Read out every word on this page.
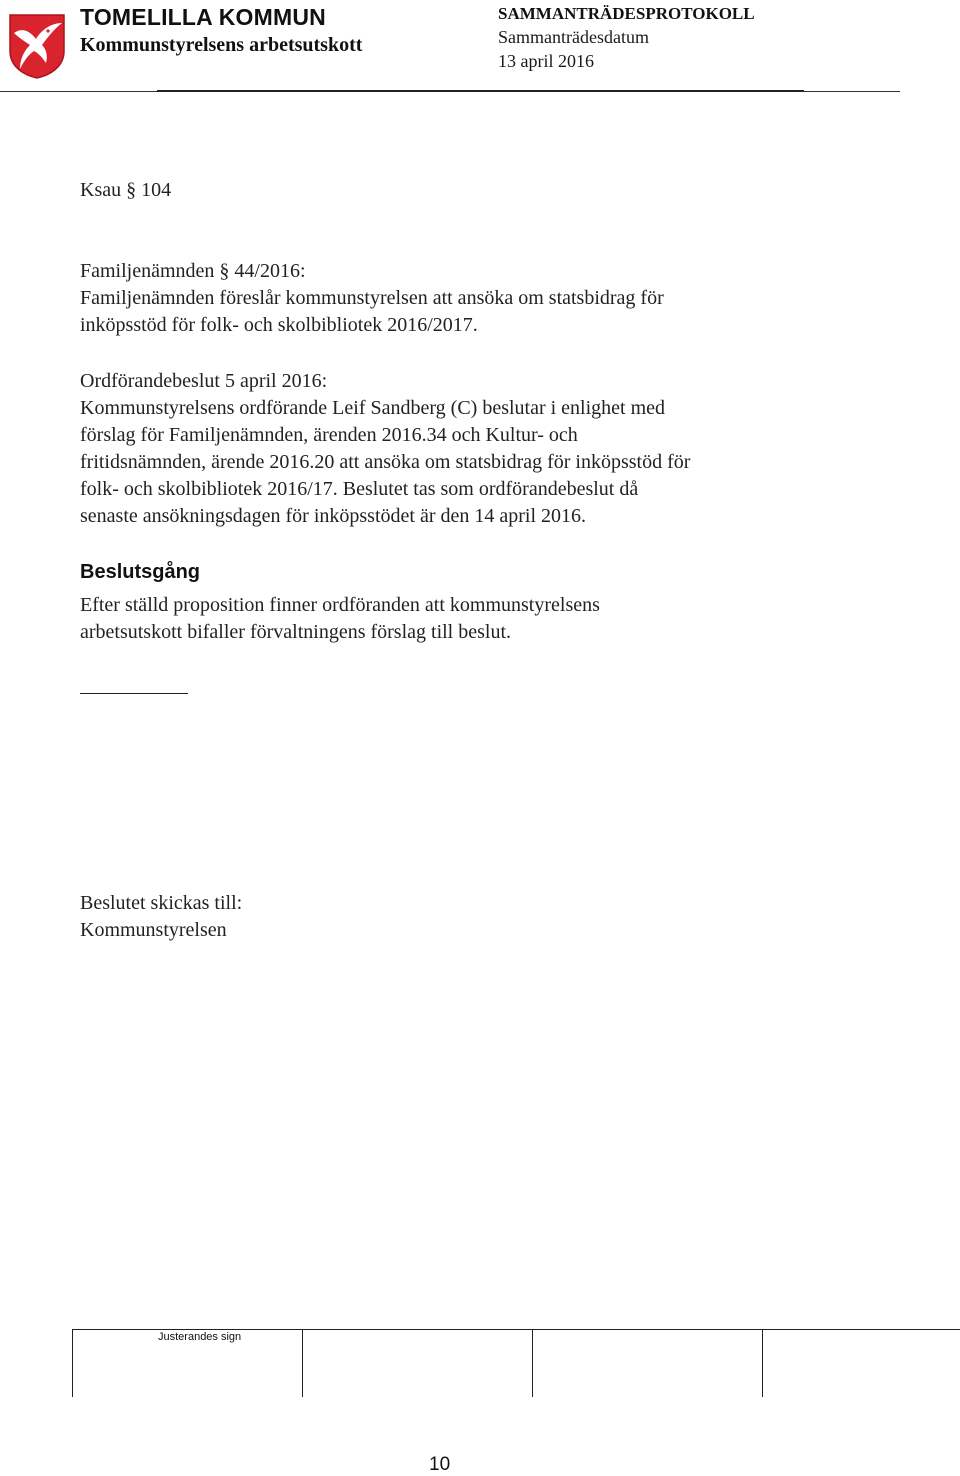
TOMELILLA KOMMUN
Kommunstyrelsens arbetsutskott
SAMMANTRÄDESPROTOKOLL
Sammanträdesdatum
13 april 2016
Ksau § 104
Familjenämnden § 44/2016:
Familjenämnden föreslår kommunstyrelsen att ansöka om statsbidrag för
inköpsstöd för folk- och skolbibliotek 2016/2017.
Ordförandebeslut 5 april 2016:
Kommunstyrelsens ordförande Leif Sandberg (C) beslutar i enlighet med
förslag för Familjenämnden, ärenden 2016.34 och Kultur- och
fritidsnämnden, ärende 2016.20 att ansöka om statsbidrag för inköpsstöd för
folk- och skolbibliotek 2016/17. Beslutet tas som ordförandebeslut då
senaste ansökningsdagen för inköpsstödet är den 14 april 2016.
Beslutsgång
Efter ställd proposition finner ordföranden att kommunstyrelsens
arbetsutskott bifaller förvaltningens förslag till beslut.
Beslutet skickas till:
Kommunstyrelsen
Justerandes sign
10
